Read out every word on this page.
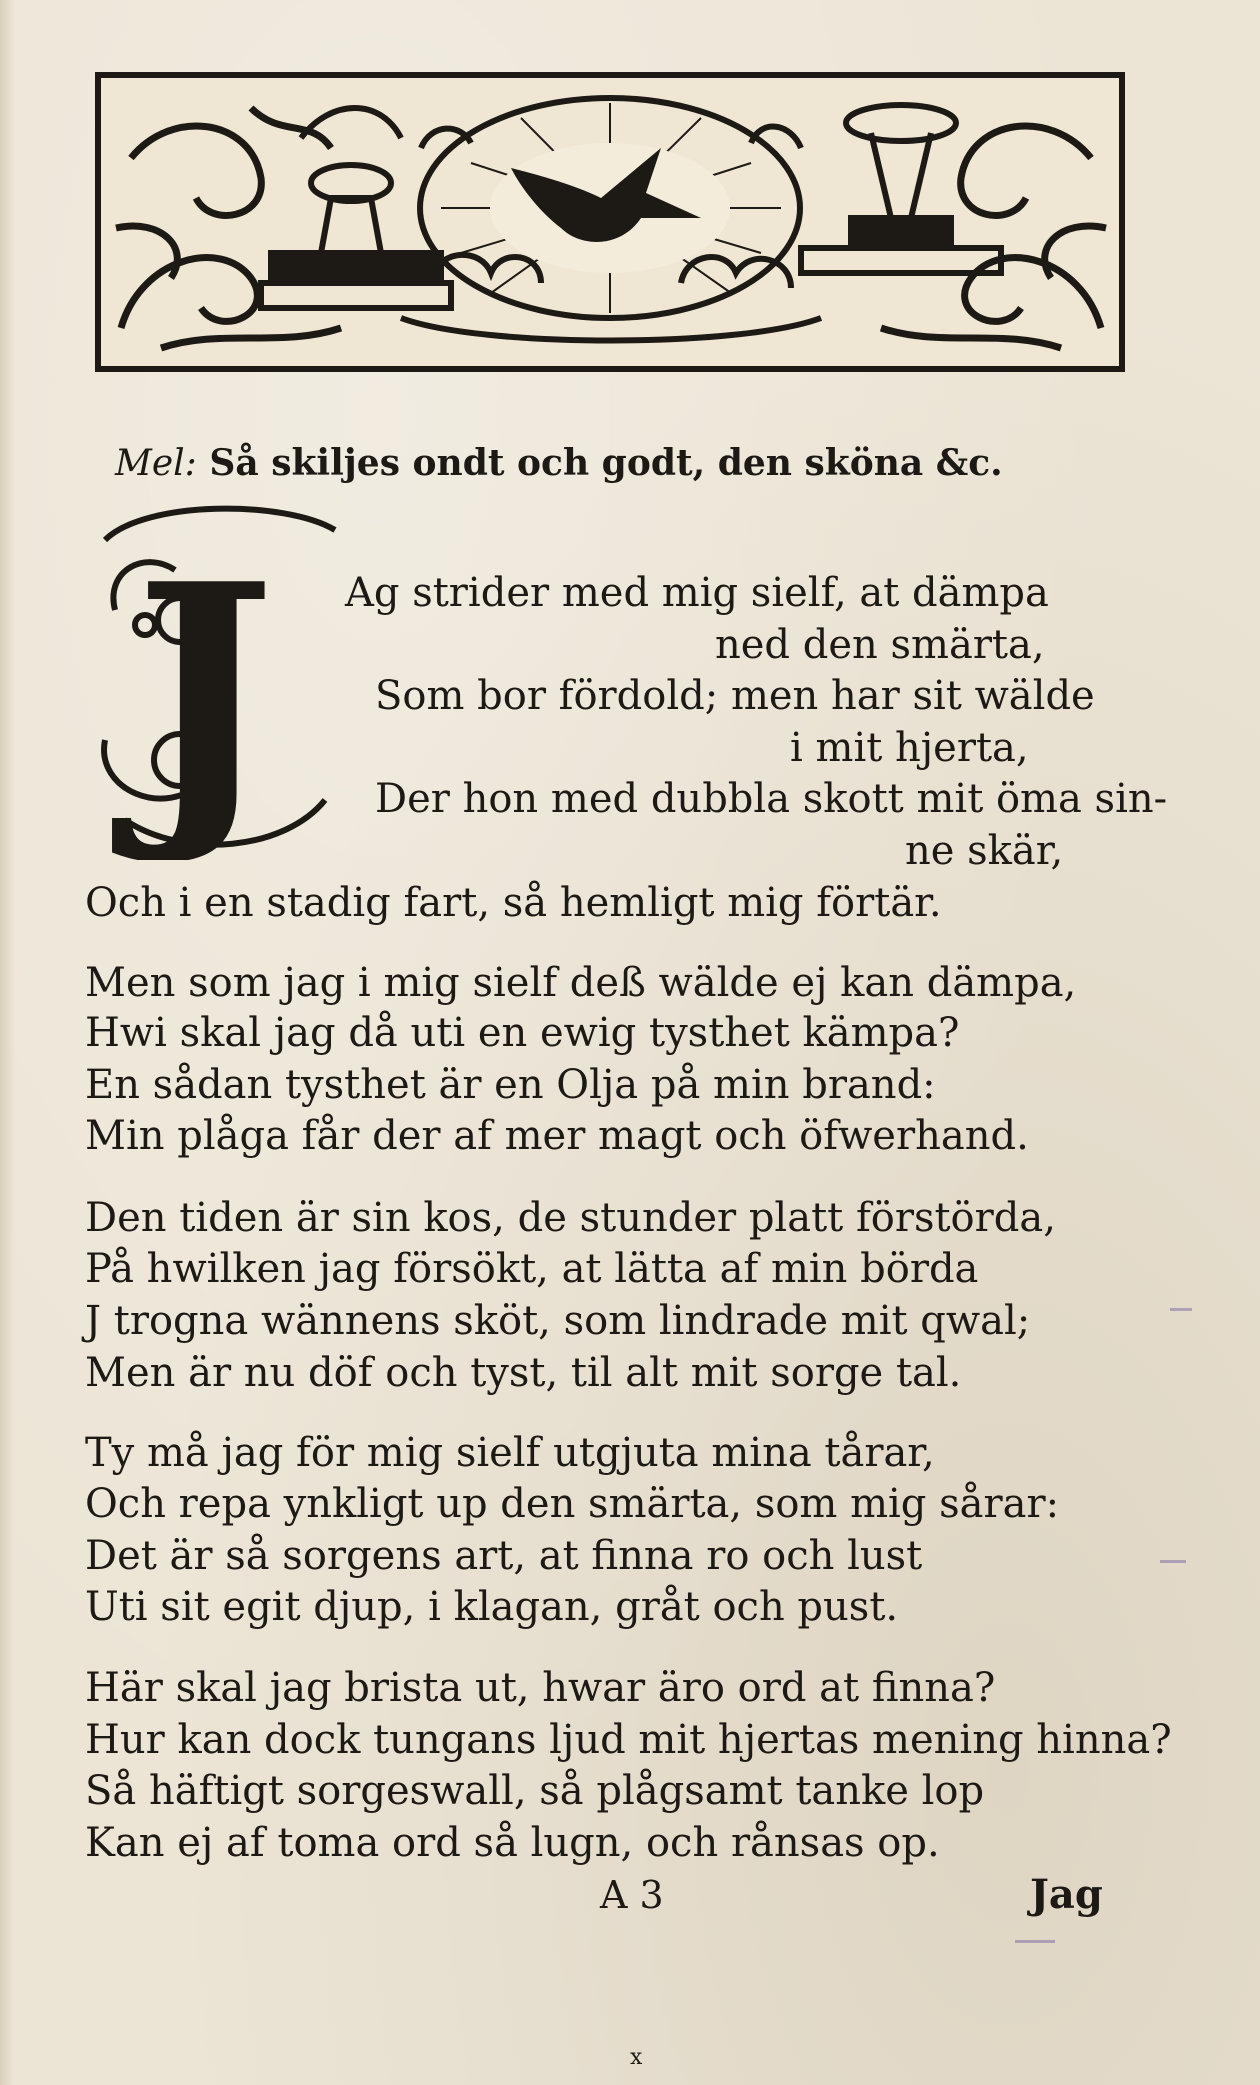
Mel: Så skiljes ondt och godt, den sköna &c.
J Ag strider med mig sielf, at dämpa
ned den smärta,
Som bor fördold; men har sit wälde
i mit hjerta,
Der hon med dubbla skott mit öma sin-
ne skär,
Och i en stadig fart, så hemligt mig förtär.
Men som jag i mig sielf deß wälde ej kan dämpa,
Hwi skal jag då uti en ewig tysthet kämpa?
En sådan tysthet är en Olja på min brand:
Min plåga får der af mer magt och öfwerhand.
Den tiden är sin kos, de stunder platt förstörda,
På hwilken jag försökt, at lätta af min börda
J trogna wännens sköt, som lindrade mit qwal;
Men är nu döf och tyst, til alt mit sorge tal.
Ty må jag för mig sielf utgjuta mina tårar,
Och repa ynkligt up den smärta, som mig sårar:
Det är så sorgens art, at finna ro och lust
Uti sit egit djup, i klagan, gråt och pust.
Här skal jag brista ut, hwar äro ord at finna?
Hur kan dock tungans ljud mit hjertas mening hinna?
Så häftigt sorgeswall, så plågsamt tanke lop
Kan ej af toma ord så lugn, och rånsas op.
A 3	Jag
x
